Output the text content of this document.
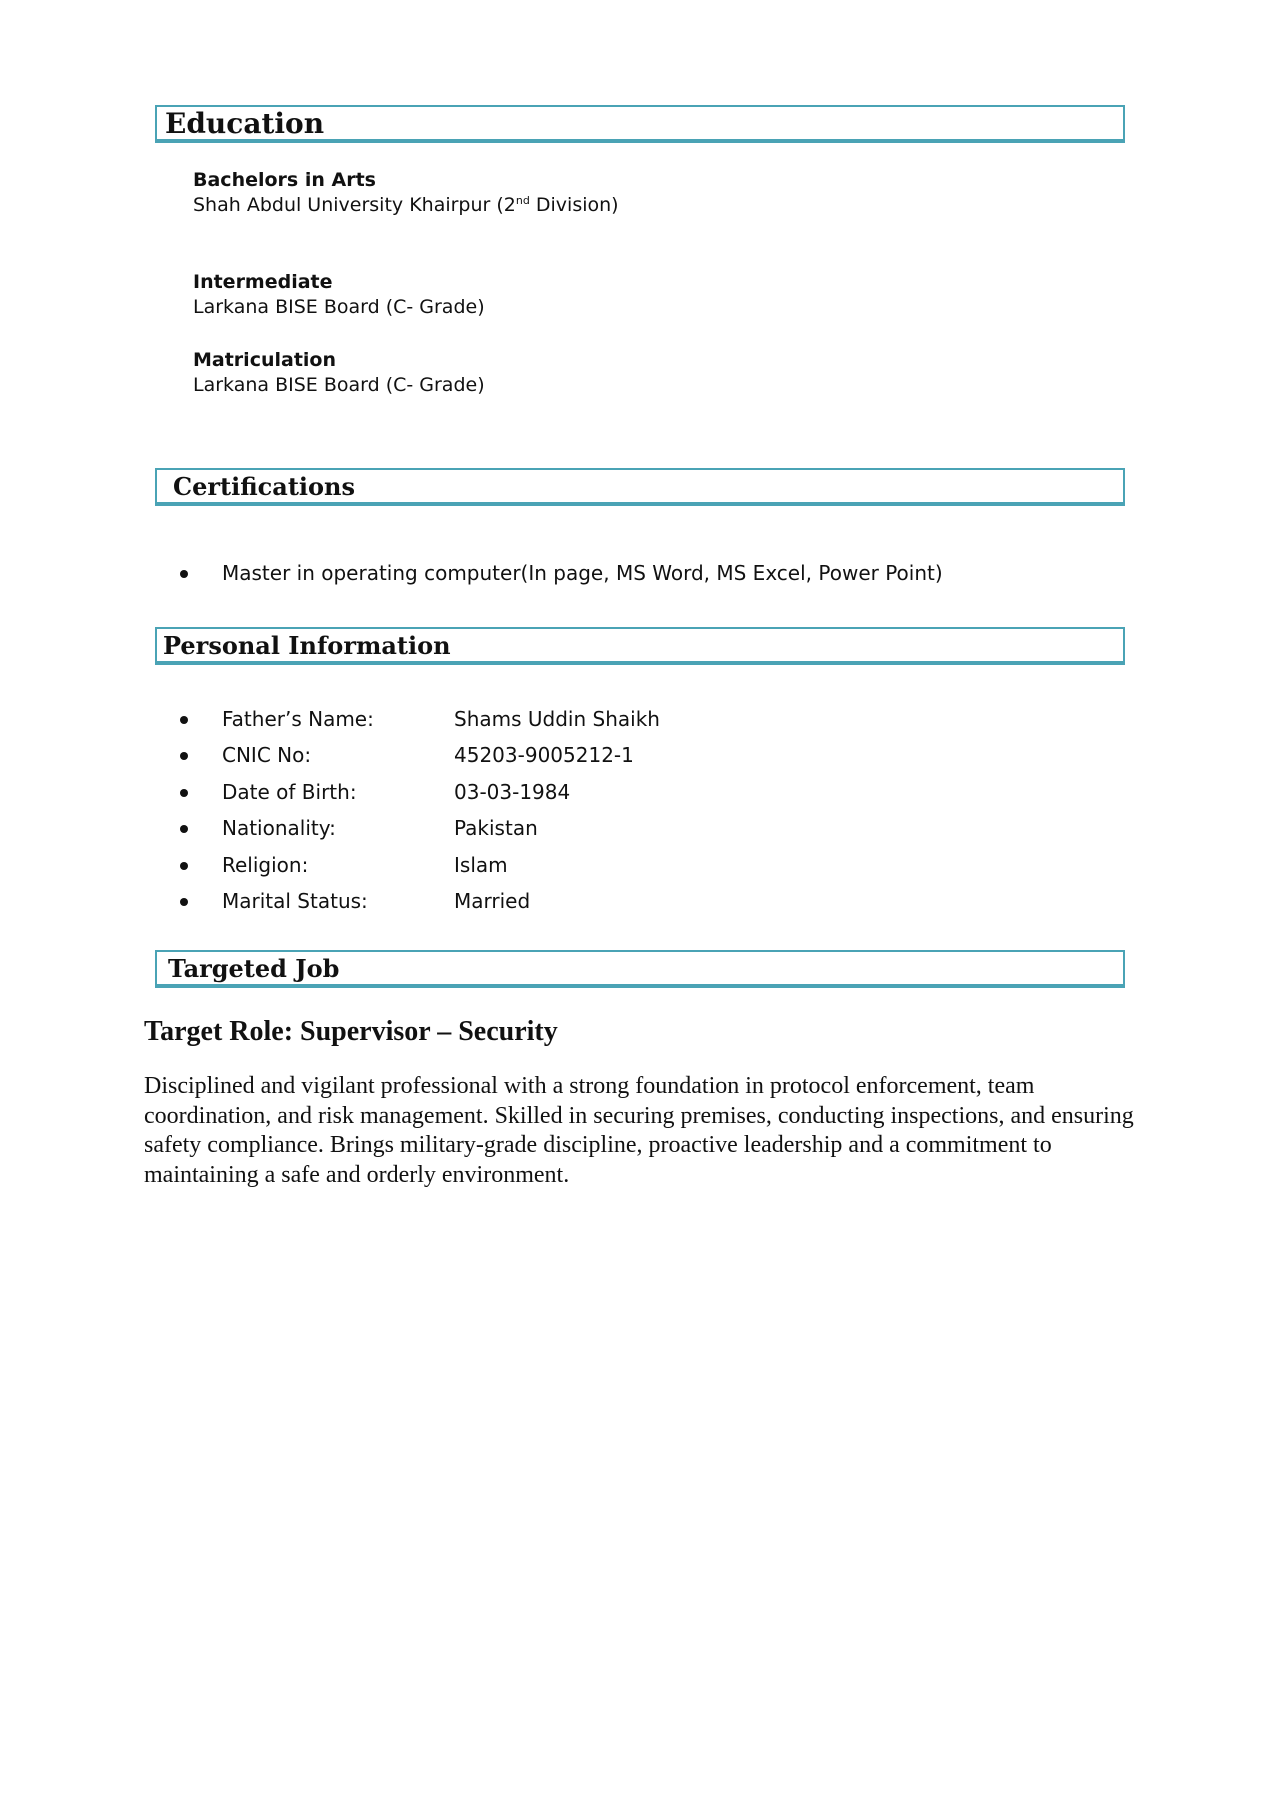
Education
Bachelors in Arts
Shah Abdul University Khairpur (2nd Division)
Intermediate
Larkana BISE Board (C- Grade)
Matriculation
Larkana BISE Board (C- Grade)
Certifications
Master in operating computer(In page, MS Word, MS Excel, Power Point)
Personal Information
Father’s Name:	Shams Uddin Shaikh
CNIC No:	45203-9005212-1
Date of Birth:	03-03-1984
Nationality:	Pakistan
Religion:	Islam
Marital Status:	Married
Targeted Job
Target Role: Supervisor – Security

Disciplined and vigilant professional with a strong foundation in protocol enforcement, team coordination, and risk management. Skilled in securing premises, conducting inspections, and ensuring safety compliance. Brings military-grade discipline, proactive leadership and a commitment to maintaining a safe and orderly environment.
